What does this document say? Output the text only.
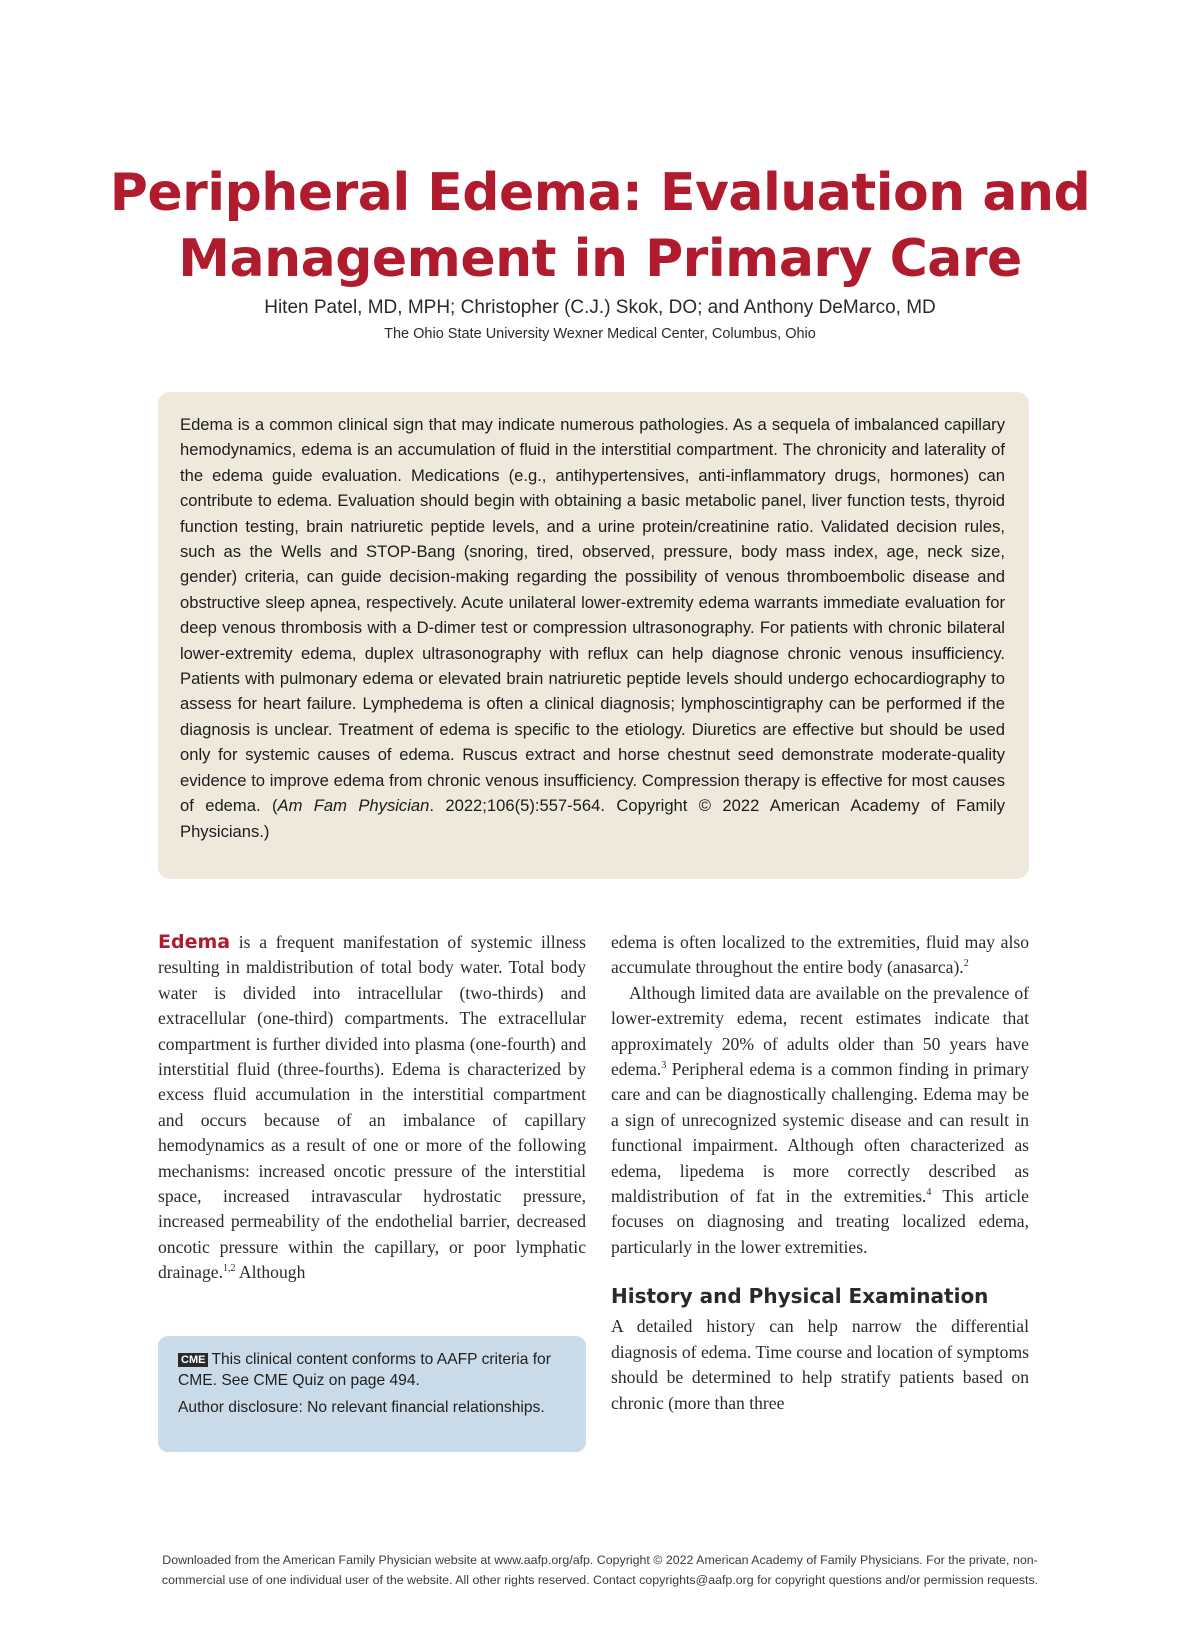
Peripheral Edema: Evaluation and
Management in Primary Care
Hiten Patel, MD, MPH; Christopher (C.J.) Skok, DO; and Anthony DeMarco, MD
The Ohio State University Wexner Medical Center, Columbus, Ohio

Edema is a common clinical sign that may indicate numerous pathologies. As a sequela of imbalanced capillary hemodynamics, edema is an accumulation of fluid in the interstitial compartment. The chronicity and laterality of the edema guide evaluation. Medications (e.g., antihypertensives, anti-inflammatory drugs, hormones) can contribute to edema. Evaluation should begin with obtaining a basic metabolic panel, liver function tests, thyroid function testing, brain natriuretic peptide levels, and a urine protein/creatinine ratio. Validated decision rules, such as the Wells and STOP-Bang (snoring, tired, observed, pressure, body mass index, age, neck size, gender) criteria, can guide decision-making regarding the possibility of venous thromboembolic disease and obstructive sleep apnea, respectively. Acute unilateral lower-extremity edema warrants immediate evaluation for deep venous thrombosis with a D-dimer test or compression ultrasonography. For patients with chronic bilateral lower-extremity edema, duplex ultrasonography with reflux can help diagnose chronic venous insufficiency. Patients with pulmonary edema or elevated brain natriuretic peptide levels should undergo echocardiography to assess for heart failure. Lymphedema is often a clinical diagnosis; lymphoscintigraphy can be performed if the diagnosis is unclear. Treatment of edema is specific to the etiology. Diuretics are effective but should be used only for systemic causes of edema. Ruscus extract and horse chestnut seed demonstrate moderate-quality evidence to improve edema from chronic venous insufficiency. Compression therapy is effective for most causes of edema. (Am Fam Physician. 2022;106(5):557-564. Copyright © 2022 American Academy of Family Physicians.)

Edema is a frequent manifestation of systemic illness resulting in maldistribution of total body water. Total body water is divided into intracellular (two-thirds) and extracellular (one-third) compartments. The extracellular compartment is further divided into plasma (one-fourth) and interstitial fluid (three-fourths). Edema is characterized by excess fluid accumulation in the interstitial compartment and occurs because of an imbalance of capillary hemodynamics as a result of one or more of the following mechanisms: increased oncotic pressure of the interstitial space, increased intravascular hydrostatic pressure, increased permeability of the endothelial barrier, decreased oncotic pressure within the capillary, or poor lymphatic drainage.$^{1,2}$ Although

CME This clinical content conforms to AAFP criteria for CME. See CME Quiz on page 494.

Author disclosure: No relevant financial relationships.

edema is often localized to the extremities, fluid may also accumulate throughout the entire body (anasarca).$^2$

Although limited data are available on the prevalence of lower-extremity edema, recent estimates indicate that approximately 20% of adults older than 50 years have edema.$^3$ Peripheral edema is a common finding in primary care and can be diagnostically challenging. Edema may be a sign of unrecognized systemic disease and can result in functional impairment. Although often characterized as edema, lipedema is more correctly described as maldistribution of fat in the extremities.$^4$ This article focuses on diagnosing and treating localized edema, particularly in the lower extremities.

History and Physical Examination

A detailed history can help narrow the differential diagnosis of edema. Time course and location of symptoms should be determined to help stratify patients based on chronic (more than three

Downloaded from the American Family Physician website at www.aafp.org/afp. Copyright © 2022 American Academy of Family Physicians. For the private, non-

commercial use of one individual user of the website. All other rights reserved. Contact copyrights@aafp.org for copyright questions and/or permission requests.
